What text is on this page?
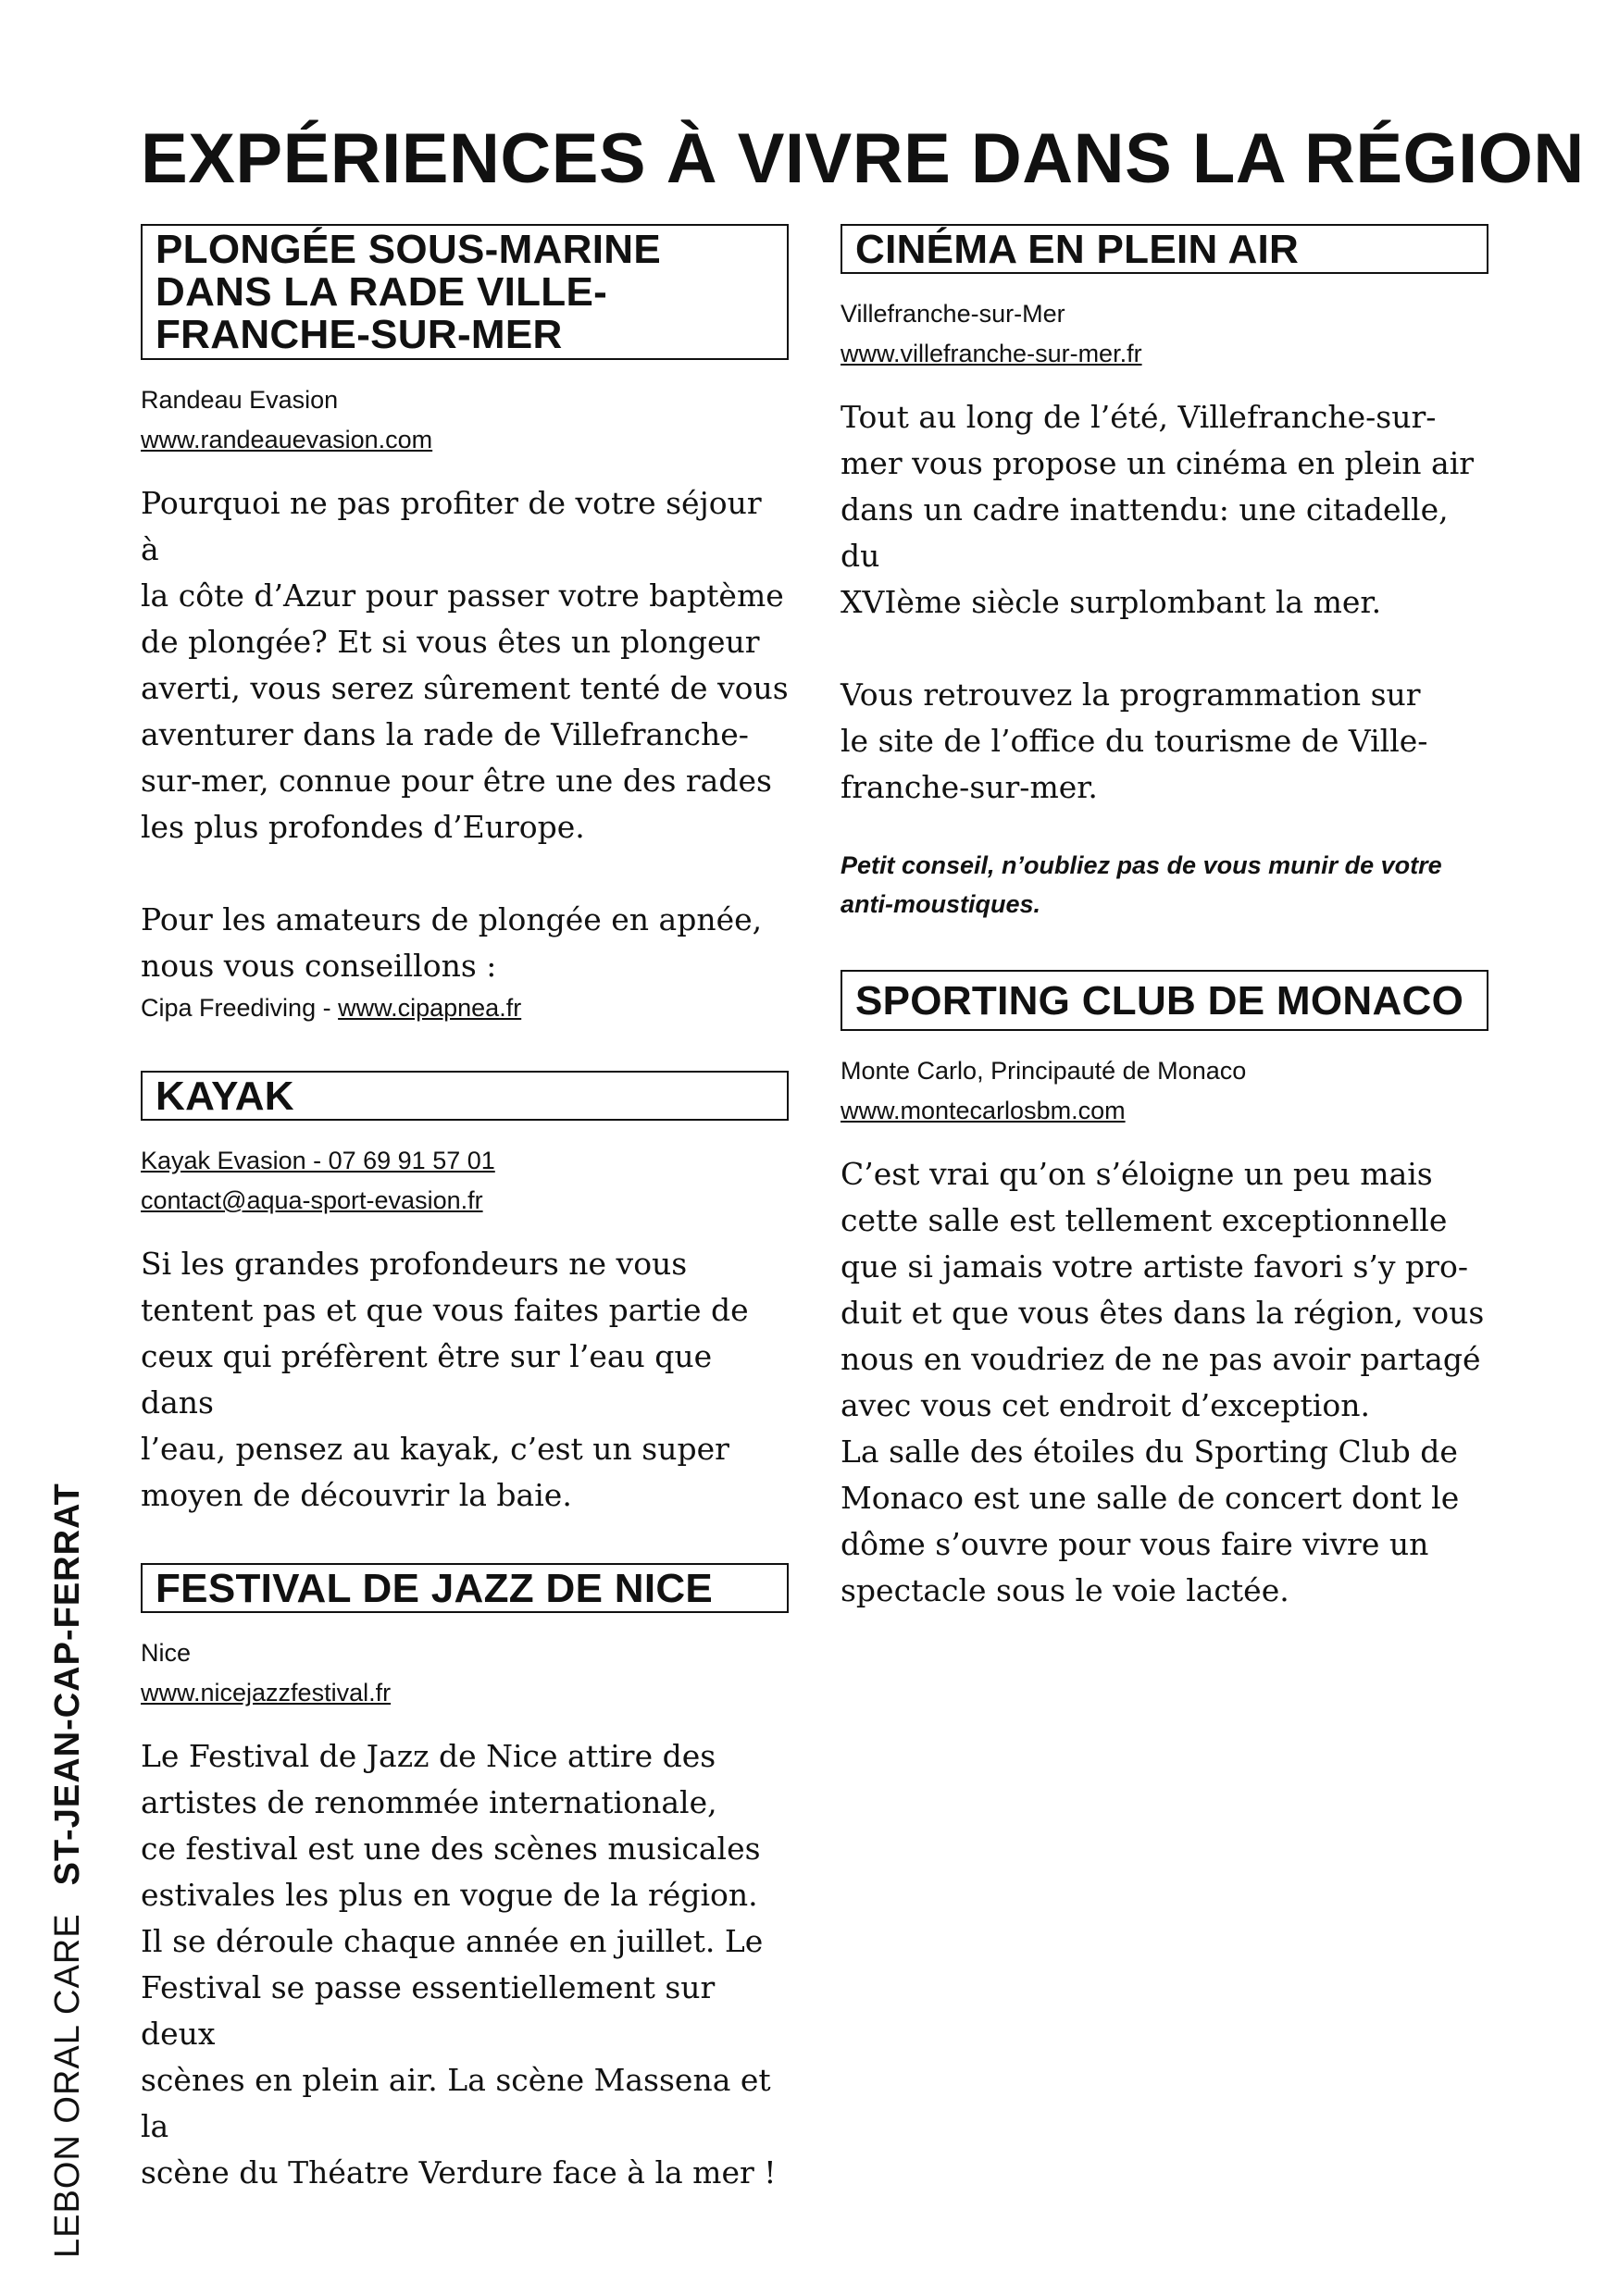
EXPÉRIENCES À VIVRE DANS LA RÉGION
PLONGÉE SOUS-MARINE DANS LA RADE VILLE-FRANCHE-SUR-MER

Randeau Evasion

www.randeauevasion.com

Pourquoi ne pas profiter de votre séjour à
la côte d’Azur pour passer votre baptème
de plongée? Et si vous êtes un plongeur
averti, vous serez sûrement tenté de vous
aventurer dans la rade de Villefranche-
sur-mer, connue pour être une des rades
les plus profondes d’Europe.

Pour les amateurs de plongée en apnée,
nous vous conseillons :

Cipa Freediving - www.cipapnea.fr

KAYAK

Kayak Evasion - 07 69 91 57 01

contact@aqua-sport-evasion.fr

Si les grandes profondeurs ne vous
tentent pas et que vous faites partie de
ceux qui préfèrent être sur l’eau que dans
l’eau, pensez au kayak, c’est un super
moyen de découvrir la baie.

FESTIVAL DE JAZZ DE NICE

Nice

www.nicejazzfestival.fr

Le Festival de Jazz de Nice attire des
artistes de renommée internationale,
ce festival est une des scènes musicales
estivales les plus en vogue de la région.
Il se déroule chaque année en juillet. Le
Festival se passe essentiellement sur deux
scènes en plein air. La scène Massena et la
scène du Théatre Verdure face à la mer !

CINÉMA EN PLEIN AIR

Villefranche-sur-Mer

www.villefranche-sur-mer.fr

Tout au long de l’été, Villefranche-sur-
mer vous propose un cinéma en plein air
dans un cadre inattendu: une citadelle, du
XVIème siècle surplombant la mer.

Vous retrouvez la programmation sur
le site de l’office du tourisme de Ville-
franche-sur-mer.

Petit conseil, n’oubliez pas de vous munir de votre anti-moustiques.

SPORTING CLUB DE MONACO

Monte Carlo, Principauté de Monaco

www.montecarlosbm.com

C’est vrai qu’on s’éloigne un peu mais
cette salle est tellement exceptionnelle
que si jamais votre artiste favori s’y pro-
duit et que vous êtes dans la région, vous
nous en voudriez de ne pas avoir partagé
avec vous cet endroit d’exception.
La salle des étoiles du Sporting Club de
Monaco est une salle de concert dont le
dôme s’ouvre pour vous faire vivre un
spectacle sous le voie lactée.

LEBON ORAL CAREST-JEAN-CAP-FERRAT
